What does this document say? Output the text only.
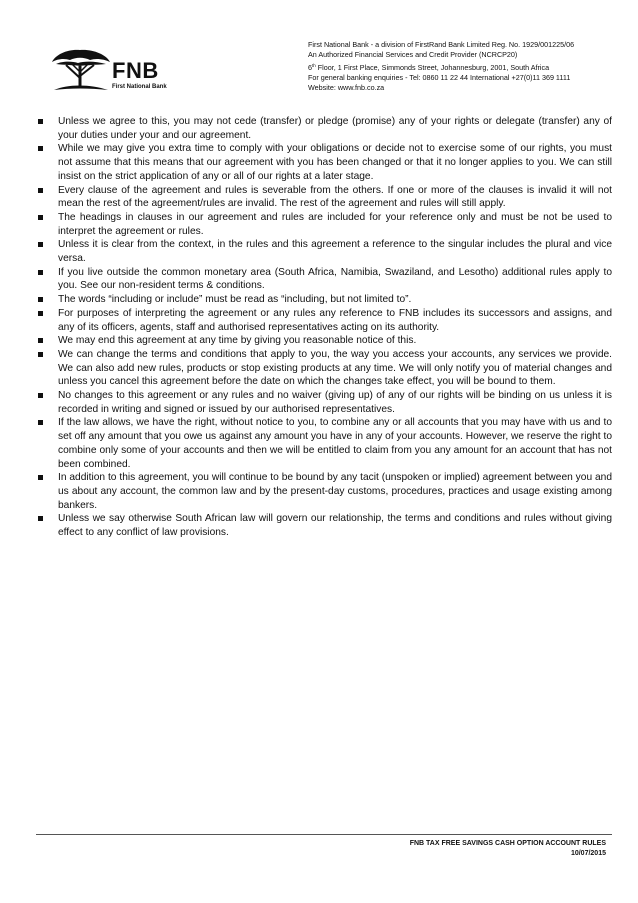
FNB
First National Bank
First National Bank - a division of FirstRand Bank Limited Reg. No. 1929/001225/06
An Authorized Financial Services and Credit Provider (NCRCP20)
6th Floor, 1 First Place, Simmonds Street, Johannesburg, 2001, South Africa
For general banking enquiries - Tel: 0860 11 22 44 International +27(0)11 369 1111
Website: www.fnb.co.za
Unless we agree to this, you may not cede (transfer) or pledge (promise) any of your rights or delegate (transfer) any of your duties under your and our agreement.
While we may give you extra time to comply with your obligations or decide not to exercise some of our rights, you must not assume that this means that our agreement with you has been changed or that it no longer applies to you. We can still insist on the strict application of any or all of our rights at a later stage.
Every clause of the agreement and rules is severable from the others. If one or more of the clauses is invalid it will not mean the rest of the agreement/rules are invalid. The rest of the agreement and rules will still apply.
The headings in clauses in our agreement and rules are included for your reference only and must be not be used to interpret the agreement or rules.
Unless it is clear from the context, in the rules and this agreement a reference to the singular includes the plural and vice versa.
If you live outside the common monetary area (South Africa, Namibia, Swaziland, and Lesotho) additional rules apply to you. See our non-resident terms & conditions.
The words “including or include” must be read as “including, but not limited to”.
For purposes of interpreting the agreement or any rules any reference to FNB includes its successors and assigns, and any of its officers, agents, staff and authorised representatives acting on its authority.
We may end this agreement at any time by giving you reasonable notice of this.
We can change the terms and conditions that apply to you, the way you access your accounts, any services we provide. We can also add new rules, products or stop existing products at any time. We will only notify you of material changes and unless you cancel this agreement before the date on which the changes take effect, you will be bound to them.
No changes to this agreement or any rules and no waiver (giving up) of any of our rights will be binding on us unless it is recorded in writing and signed or issued by our authorised representatives.
If the law allows, we have the right, without notice to you, to combine any or all accounts that you may have with us and to set off any amount that you owe us against any amount you have in any of your accounts. However, we reserve the right to combine only some of your accounts and then we will be entitled to claim from you any amount for an account that has not been combined.
In addition to this agreement, you will continue to be bound by any tacit (unspoken or implied) agreement between you and us about any account, the common law and by the present-day customs, procedures, practices and usage existing among bankers.
Unless we say otherwise South African law will govern our relationship, the terms and conditions and rules without giving effect to any conflict of law provisions.
FNB TAX FREE SAVINGS CASH OPTION ACCOUNT RULES
10/07/2015
